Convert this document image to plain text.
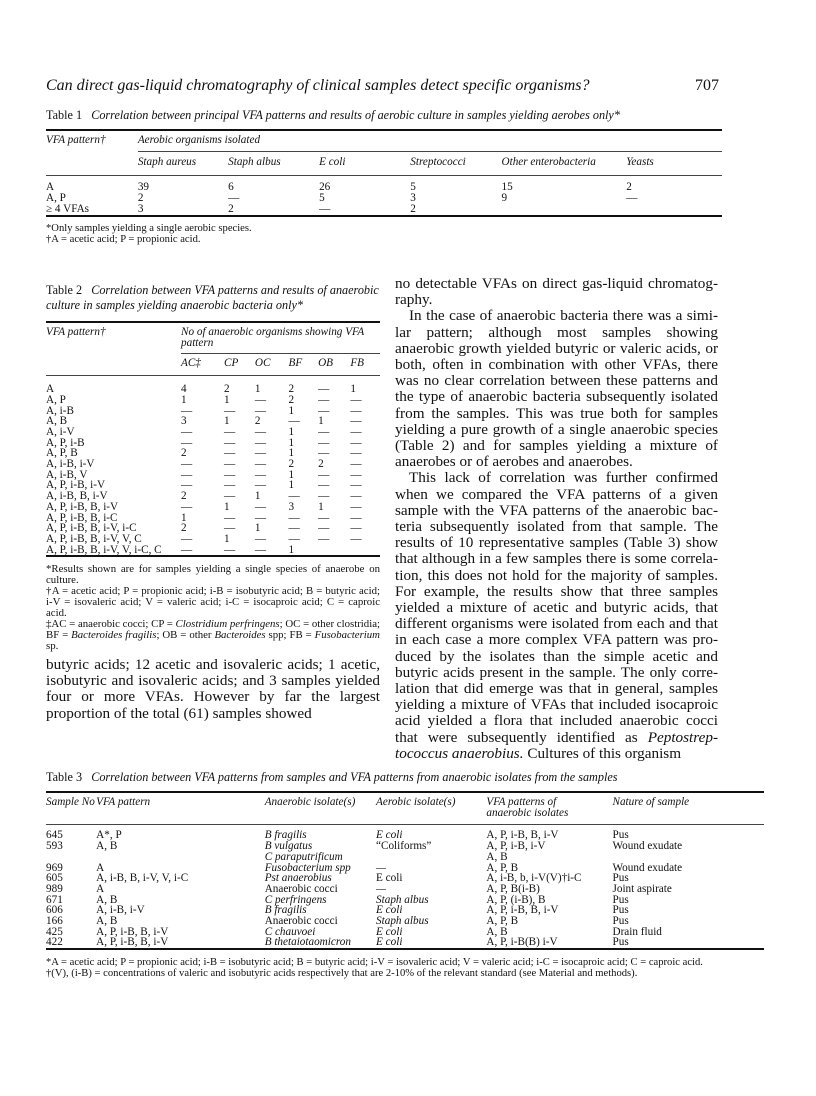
Can direct gas-liquid chromatography of clinical samples detect specific organisms?	707
Table 1 Correlation between principal VFA patterns and results of aerobic culture in samples yielding aerobes only*

VFA pattern†	Aerobic organisms isolated					

	Staph aureus	Staph albus	E coli	Streptococci	Other enterobacteria	Yeasts

A	39	6	26	5	15	2
A, P	2	—	5	3	9	—
≥ 4 VFAs	3	2	—	2		

*Only samples yielding a single aerobic species.
†A = acetic acid; P = propionic acid.
Table 2 Correlation between VFA patterns and results of anaerobic culture in samples yielding anaerobic bacteria only*

VFA pattern†	No of anaerobic organisms showing VFA pattern					

	AC‡	CP	OC	BF	OB	FB

A	4	2	1	2	—	1
A, P	1	1	—	2	—	—
A, i-B	—	—	—	1	—	—
A, B	3	1	2	—	1	—
A, i-V	—	—	—	1	—	—
A, P, i-B	—	—	—	1	—	—
A, P, B	2	—	—	1	—	—
A, i-B, i-V	—	—	—	2	2	—
A, i-B, V	—	—	—	1	—	—
A, P, i-B, i-V	—	—	—	1	—	—
A, i-B, B, i-V	2	—	1	—	—	—
A, P, i-B, B, i-V	—	1	—	3	1	—
A, P, i-B, B, i-C	1	—	—	—	—	—
A, P, i-B, B, i-V, i-C	2	—	1	—	—	—
A, P, i-B, B, i-V, V, C	—	1	—	—	—	—
A, P, i-B, B, i-V, V, i-C, C	—	—	—	1		

*Results shown are for samples yielding a single species of anaerobe on culture.
†A = acetic acid; P = propionic acid; i-B = isobutyric acid; B = butyric acid; i-V = isovaleric acid; V = valeric acid; i-C = isocaproic acid; C = caproic acid.
‡AC = anaerobic cocci; CP = Clostridium perfringens; OC = other clostridia; BF = Bacteroides fragilis; OB = other Bacteroides spp; FB = Fusobacterium sp.
butyric acids; 12 acetic and isovaleric acids; 1 acetic, isobutyric and isovaleric acids; and 3 samples yielded four or more VFAs. However by far the largest proportion of the total (61) samples showed

no detectable VFAs on direct gas-liquid chromatography.

In the case of anaerobic bacteria there was a similar pattern; although most samples showing anaerobic growth yielded butyric or valeric acids, or both, often in combination with other VFAs, there was no clear correlation between these patterns and the type of anaerobic bacteria subsequently isolated from the samples. This was true both for samples yielding a pure growth of a single anaerobic species (Table 2) and for samples yielding a mixture of anaerobes or of aerobes and anaerobes.

This lack of correlation was further confirmed when we compared the VFA patterns of a given sample with the VFA patterns of the anaerobic bacteria subsequently isolated from that sample. The results of 10 representative samples (Table 3) show that although in a few samples there is some correlation, this does not hold for the majority of samples. For example, the results show that three samples yielded a mixture of acetic and butyric acids, that different organisms were isolated from each and that in each case a more complex VFA pattern was produced by the isolates than the simple acetic and butyric acids present in the sample. The only correlation that did emerge was that in general, samples yielding a mixture of VFAs that included isocaproic acid yielded a flora that included anaerobic cocci that were subsequently identified as Peptostreptococcus anaerobius. Cultures of this organism

Table 3 Correlation between VFA patterns from samples and VFA patterns from anaerobic isolates from the samples

Sample No	VFA pattern	Anaerobic isolate(s)	Aerobic isolate(s)	VFA patterns of anaerobic isolates	Nature of sample

645	A*, P	B fragilis	E coli	A, P, i-B, B, i-V	Pus
593	A, B	B vulgatus	“Coliforms”	A, P, i-B, i-V	Wound exudate
		C paraputrificum		A, B	
969	A	Fusobacterium spp	—	A, P, B	Wound exudate
605	A, i-B, B, i-V, V, i-C	Pst anaerobius	E coli	A, i-B, b, i-V(V)†i-C	Pus
989	A	Anaerobic cocci	—	A, P, B(i-B)	Joint aspirate
671	A, B	C perfringens	Staph albus	A, P, (i-B), B	Pus
606	A, i-B, i-V	B fragilis	E coli	A, P, i-B, B, i-V	Pus
166	A, B	Anaerobic cocci	Staph albus	A, P, B	Pus
425	A, P, i-B, B, i-V	C chauvoei	E coli	A, B	Drain fluid
422	A, P, i-B, B, i-V	B thetaiotaomicron	E coli	A, P, i-B(B) i-V	Pus

*A = acetic acid; P = propionic acid; i-B = isobutyric acid; B = butyric acid; i-V = isovaleric acid; V = valeric acid; i-C = isocaproic acid; C = caproic acid.
†(V), (i-B) = concentrations of valeric and isobutyric acids respectively that are 2-10% of the relevant standard (see Material and methods).
